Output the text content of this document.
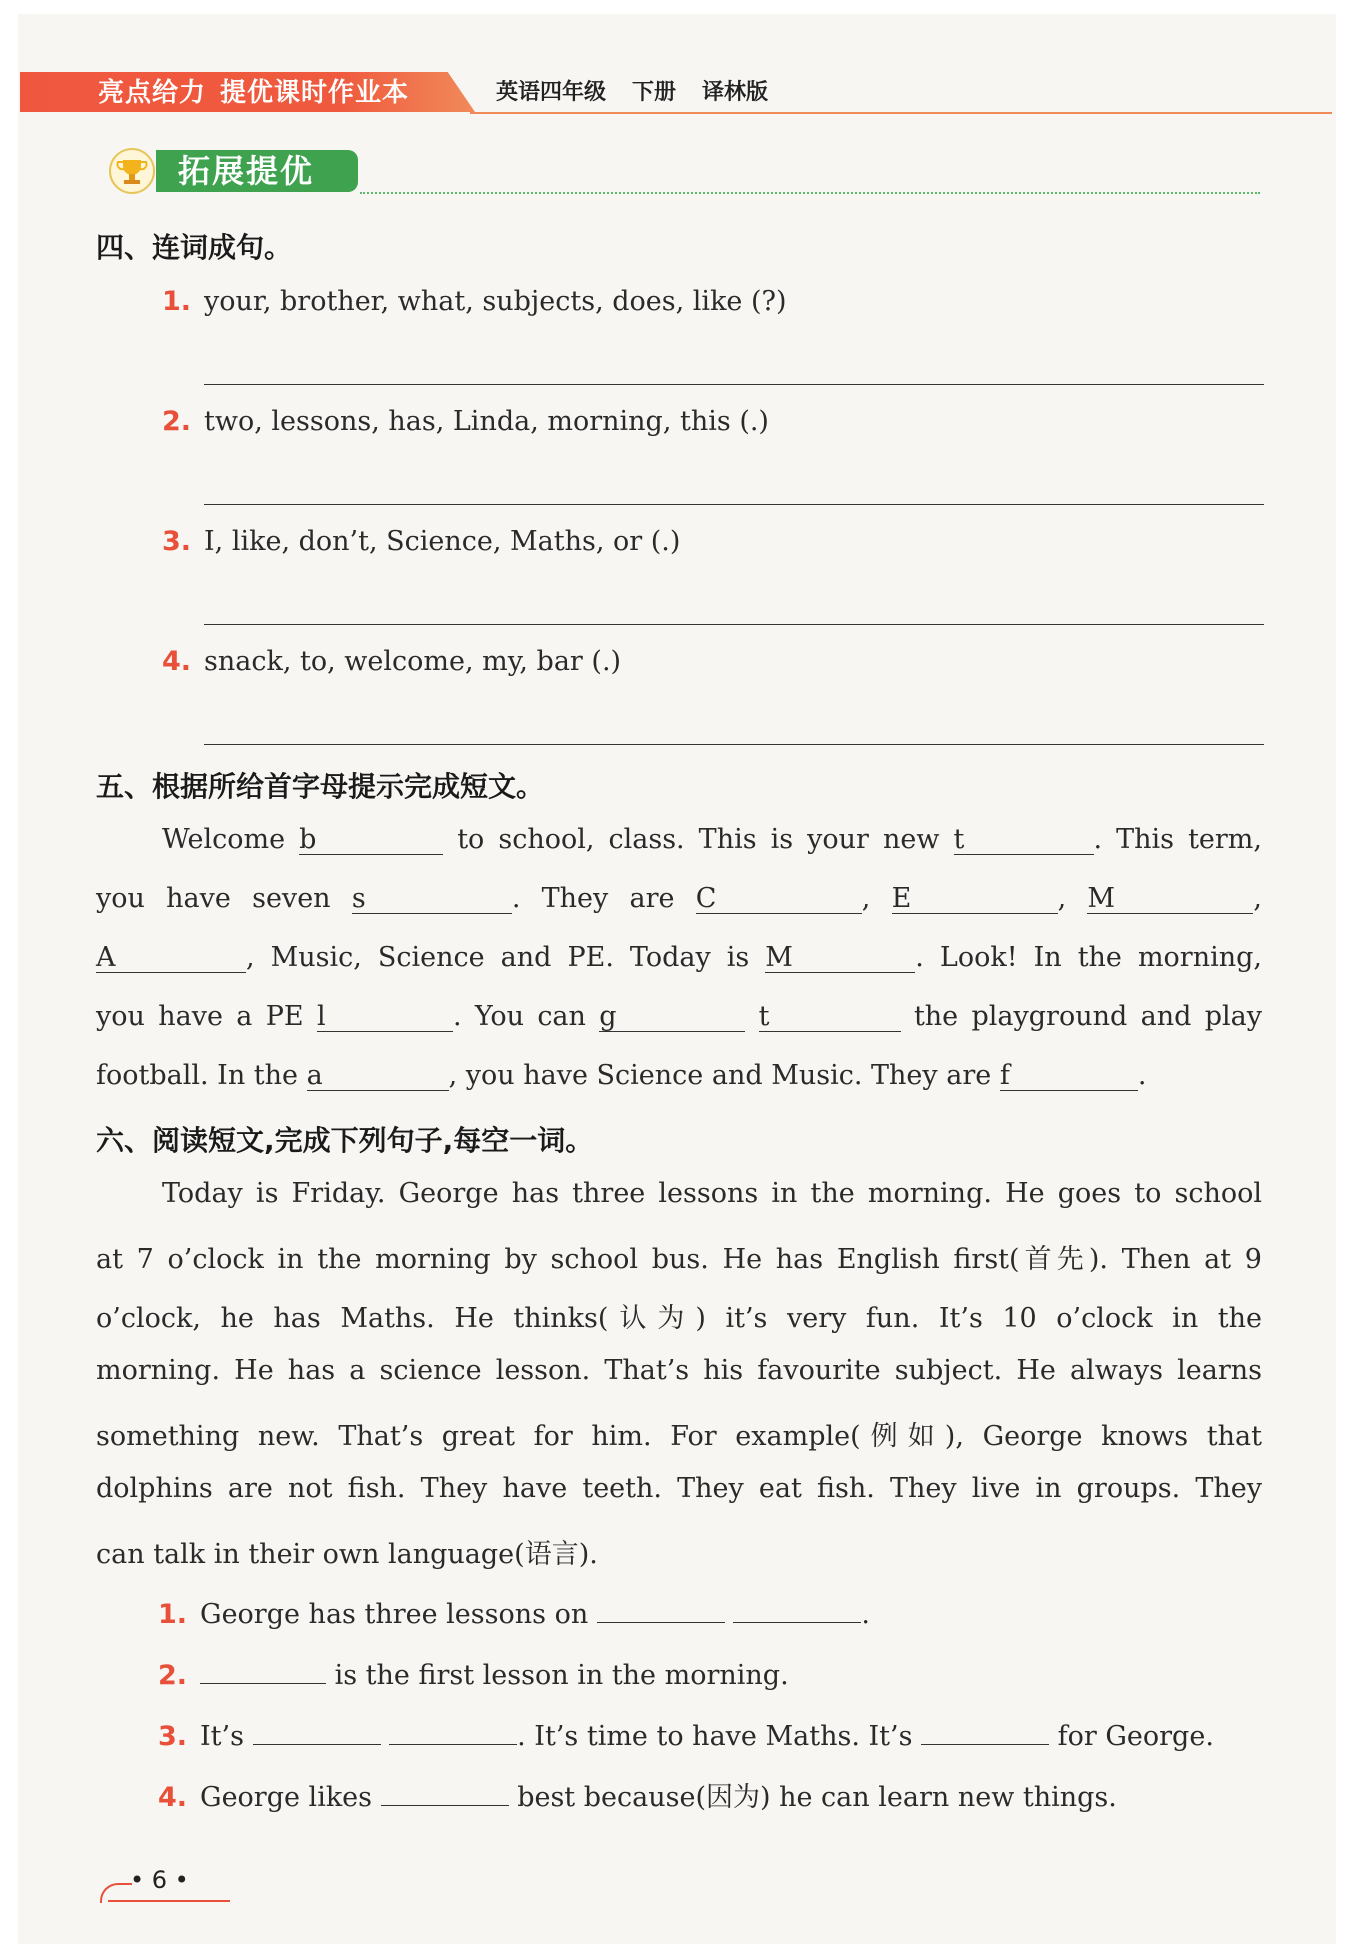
亮点给力 提优课时作业本	英语四年级 下册 译林版
拓展提优
四、连词成句。
1. your, brother, what, subjects, does, like (?)
2. two, lessons, has, Linda, morning, this (.)
3. I, like, don’t, Science, Maths, or (.)
4. snack, to, welcome, my, bar (.)
五、根据所给首字母提示完成短文。
Welcome b	to school, class. This is your new t	. This term,
you have seven s	. They are C	, E	, M	,
A	, Music, Science and PE. Today is M	. Look! In the morning,
you have a PE l	. You can g	t	the playground and play
football. In the a	, you have Science and Music. They are f	.
六、阅读短文,完成下列句子,每空一词。
Today is Friday. George has three lessons in the morning. He goes to school
at 7 o’clock in the morning by school bus. He has English first(首先). Then at 9
o’clock, he has Maths. He thinks(认为) it’s very fun. It’s 10 o’clock in the
morning. He has a science lesson. That’s his favourite subject. He always learns
something new. That’s great for him. For example(例如), George knows that
dolphins are not fish. They have teeth. They eat fish. They live in groups. They
can talk in their own language(语言).
1. George has three lessons on	.
2.	is the first lesson in the morning.
3. It’s	. It’s time to have Maths. It’s	for George.
4. George likes	best because(因为) he can learn new things.
• 6 •
